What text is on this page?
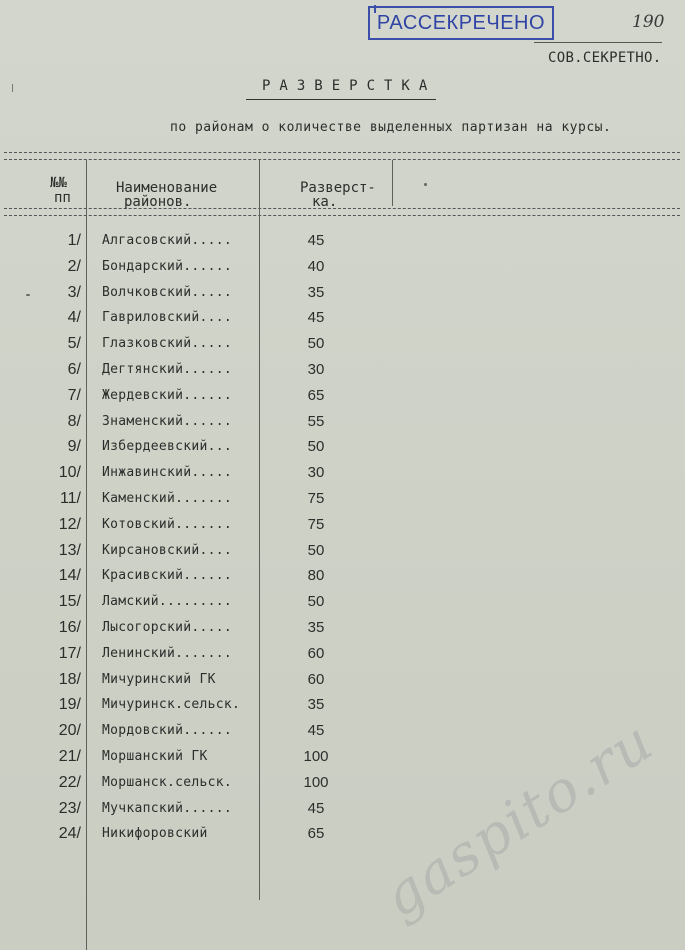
РАССЕКРЕЧЕНО	190
СОВ.СЕКРЕТНО.
РАЗВЕРСТКА
по районам о количестве выделенных партизан на курсы.
№№
пп
Наименование
районов.
Разверст-
ка.
1/ Алгасовский.....	45
2/ Бондарский......	40
3/ Волчковский.....	35
4/ Гавриловский....	45
5/ Глазковский.....	50
6/ Дегтянский......	30
7/ Жердевский......	65
8/ Знаменский......	55
9/ Избердеевский...	50
10/ Инжавинский.....	30
11/ Каменский.......	75
12/ Котовский.......	75
13/ Кирсановский....	50
14/ Красивский......	80
15/ Ламский.........	50
16/ Лысогорский.....	35
17/ Ленинский.......	60
18/ Мичуринский ГК	60
19/ Мичуринск.сельск.	35
20/ Мордовский......	45
21/ Моршанский ГК	100
22/ Моршанск.сельск.	100
23/ Мучкапский......	45
24/ Никифоровский	65 gaspito.ru
